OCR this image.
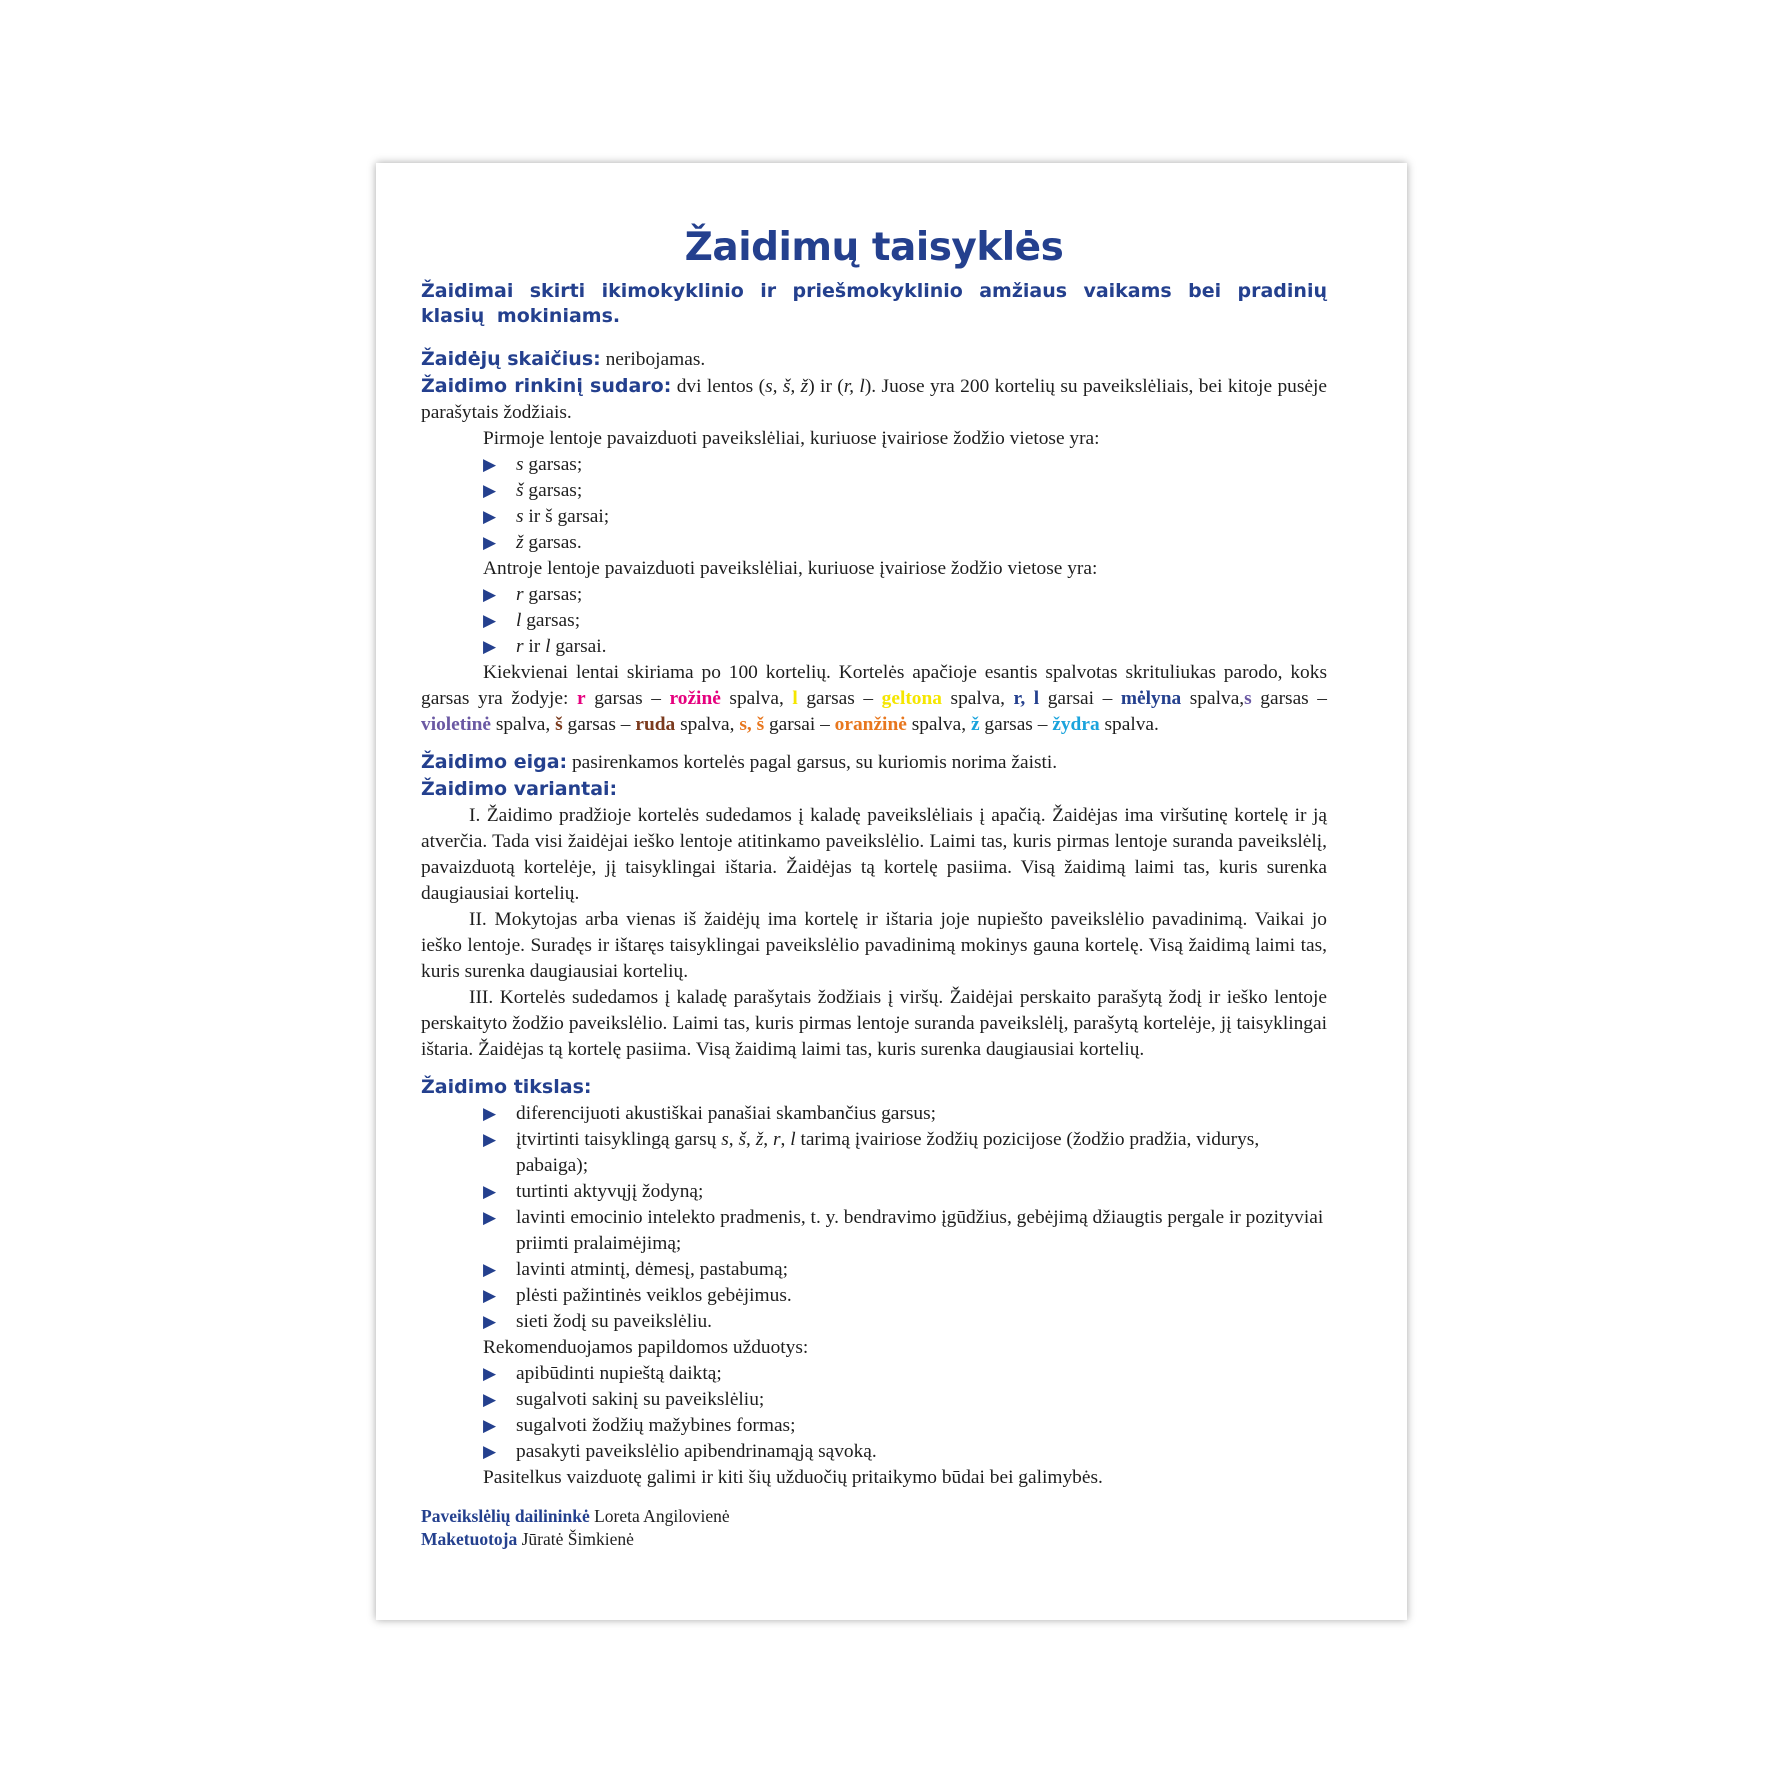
Žaidimų taisyklės
Žaidimai skirti ikimokyklinio ir priešmokyklinio amžiaus vaikams bei pradinių klasių mokiniams.

Žaidėjų skaičius: neribojamas.

Žaidimo rinkinį sudaro: dvi lentos (s, š, ž) ir (r, l). Juose yra 200 kortelių su paveikslėliais, bei kitoje pusėje parašytais žodžiais.

Pirmoje lentoje pavaizduoti paveikslėliai, kuriuose įvairiose žodžio vietose yra:

▶ s garsas;
▶ š garsas;
▶ s ir š garsai;
▶ ž garsas.

Antroje lentoje pavaizduoti paveikslėliai, kuriuose įvairiose žodžio vietose yra:

▶ r garsas;
▶ l garsas;
▶ r ir l garsai.

Kiekvienai lentai skiriama po 100 kortelių. Kortelės apačioje esantis spalvotas skrituliukas parodo, koks garsas yra žodyje: r garsas – rožinė spalva, l garsas – geltona spalva, r, l garsai – mėlyna spalva,s garsas – violetinė spalva, š garsas – ruda spalva, s, š garsai – oranžinė spalva, ž garsas – žydra spalva.

Žaidimo eiga: pasirenkamos kortelės pagal garsus, su kuriomis norima žaisti.

Žaidimo variantai:

I. Žaidimo pradžioje kortelės sudedamos į kaladę paveikslėliais į apačią. Žaidėjas ima viršutinę kortelę ir ją atverčia. Tada visi žaidėjai ieško lentoje atitinkamo paveikslėlio. Laimi tas, kuris pirmas lentoje suranda paveikslėlį, pavaizduotą kortelėje, jį taisyklingai ištaria. Žaidėjas tą kortelę pasiima. Visą žaidimą laimi tas, kuris surenka daugiausiai kortelių.

II. Mokytojas arba vienas iš žaidėjų ima kortelę ir ištaria joje nupiešto paveikslėlio pavadinimą. Vaikai jo ieško lentoje. Suradęs ir ištaręs taisyklingai paveikslėlio pavadinimą mokinys gauna kortelę. Visą žaidimą laimi tas, kuris surenka daugiausiai kortelių.

III. Kortelės sudedamos į kaladę parašytais žodžiais į viršų. Žaidėjai perskaito parašytą žodį ir ieško lentoje perskaityto žodžio paveikslėlio. Laimi tas, kuris pirmas lentoje suranda paveikslėlį, parašytą kortelėje, jį taisyklingai ištaria. Žaidėjas tą kortelę pasiima. Visą žaidimą laimi tas, kuris surenka daugiausiai kortelių.

Žaidimo tikslas:

▶ diferencijuoti akustiškai panašiai skambančius garsus;
▶ įtvirtinti taisyklingą garsų s, š, ž, r, l tarimą įvairiose žodžių pozicijose (žodžio pradžia, vidurys, pabaiga);
▶ turtinti aktyvųjį žodyną;
▶ lavinti emocinio intelekto pradmenis, t. y. bendravimo įgūdžius, gebėjimą džiaugtis pergale ir pozityviai priimti pralaimėjimą;
▶ lavinti atmintį, dėmesį, pastabumą;
▶ plėsti pažintinės veiklos gebėjimus.
▶ sieti žodį su paveikslėliu.

Rekomenduojamos papildomos užduotys:

▶ apibūdinti nupieštą daiktą;
▶ sugalvoti sakinį su paveikslėliu;
▶ sugalvoti žodžių mažybines formas;
▶ pasakyti paveikslėlio apibendrinamąją sąvoką.

Pasitelkus vaizduotę galimi ir kiti šių užduočių pritaikymo būdai bei galimybės.

Paveikslėlių dailininkė Loreta Angilovienė
Maketuotoja Jūratė Šimkienė
